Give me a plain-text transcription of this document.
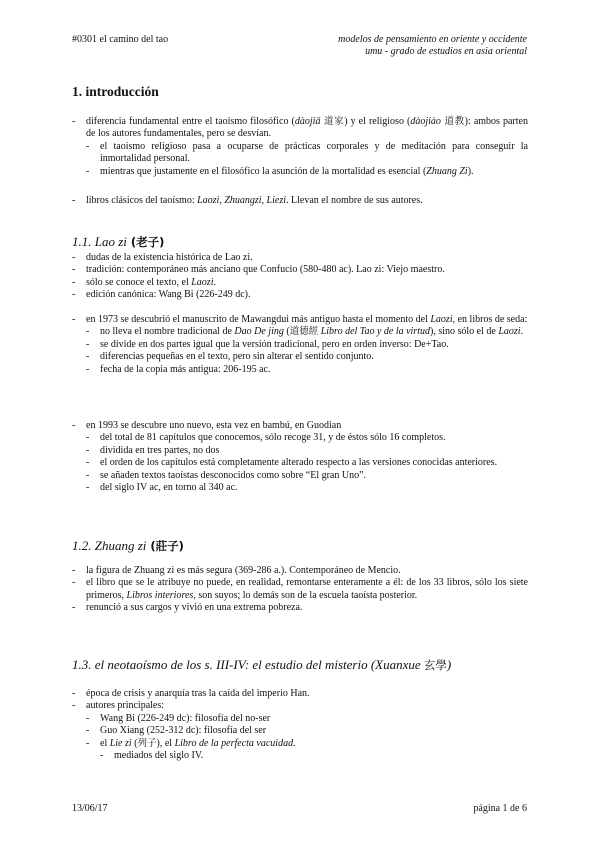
#0301 el camino del tao	modelos de pensamiento en oriente y occidente
umu - grado de estudios en asia oriental
1. introducción
- diferencia fundamental entre el taoísmo filosófico (dàojiā 道家) y el religioso (dàojiào 道教): ambos parten de los autores fundamentales, pero se desvían.
- el taoísmo religioso pasa a ocuparse de prácticas corporales y de meditación para conseguir la inmortalidad personal.
- mientras que justamente en el filosófico la asunción de la mortalidad es esencial (Zhuang Zi).
- libros clásicos del taoísmo: Laozi, Zhuangzi, Liezi. Llevan el nombre de sus autores.
1.1. Lao zi (老子)
- dudas de la existencia histórica de Lao zi.
- tradición: contemporáneo más anciano que Confucio (580-480 ac). Lao zi: Viejo maestro.
- sólo se conoce el texto, el Laozi.
- edición canónica: Wang Bi (226-249 dc).
- en 1973 se descubrió el manuscrito de Mawangdui más antiguo hasta el momento del Laozi, en libros de seda:
- no lleva el nombre tradicional de Dao De jing (道德經 Libro del Tao y de la virtud), sino sólo el de Laozi.
- se divide en dos partes igual que la versión tradicional, pero en orden inverso: De+Tao.
- diferencias pequeñas en el texto, pero sin alterar el sentido conjunto.
- fecha de la copia más antigua: 206-195 ac.
- en 1993 se descubre uno nuevo, esta vez en bambú, en Guodian
- del total de 81 capítulos que conocemos, sólo recoge 31, y de éstos sólo 16 completos.
- dividida en tres partes, no dos
- el orden de los capítulos está completamente alterado respecto a las versiones conocidas anteriores.
- se añaden textos taoístas desconocidos como sobre “El gran Uno”.
- del siglo IV ac, en torno al 340 ac.
1.2. Zhuang zi (莊子)
- la figura de Zhuang zi es más segura (369-286 a.). Contemporáneo de Mencio.
- el libro que se le atribuye no puede, en realidad, remontarse enteramente a él: de los 33 libros, sólo los siete primeros, Libros interiores, son suyos; lo demás son de la escuela taoísta posterior.
- renunció a sus cargos y vivió en una extrema pobreza.
1.3. el neotaoísmo de los s. III-IV: el estudio del misterio (Xuanxue 玄學)
- época de crisis y anarquía tras la caída del imperio Han.
- autores principales:
- Wang Bi (226-249 dc): filosofía del no-ser
- Guo Xiang (252-312 dc): filosofía del ser
- el Lie zi (列子), el Libro de la perfecta vacuidad.
- mediados del siglo IV.
13/06/17	página 1 de 6
